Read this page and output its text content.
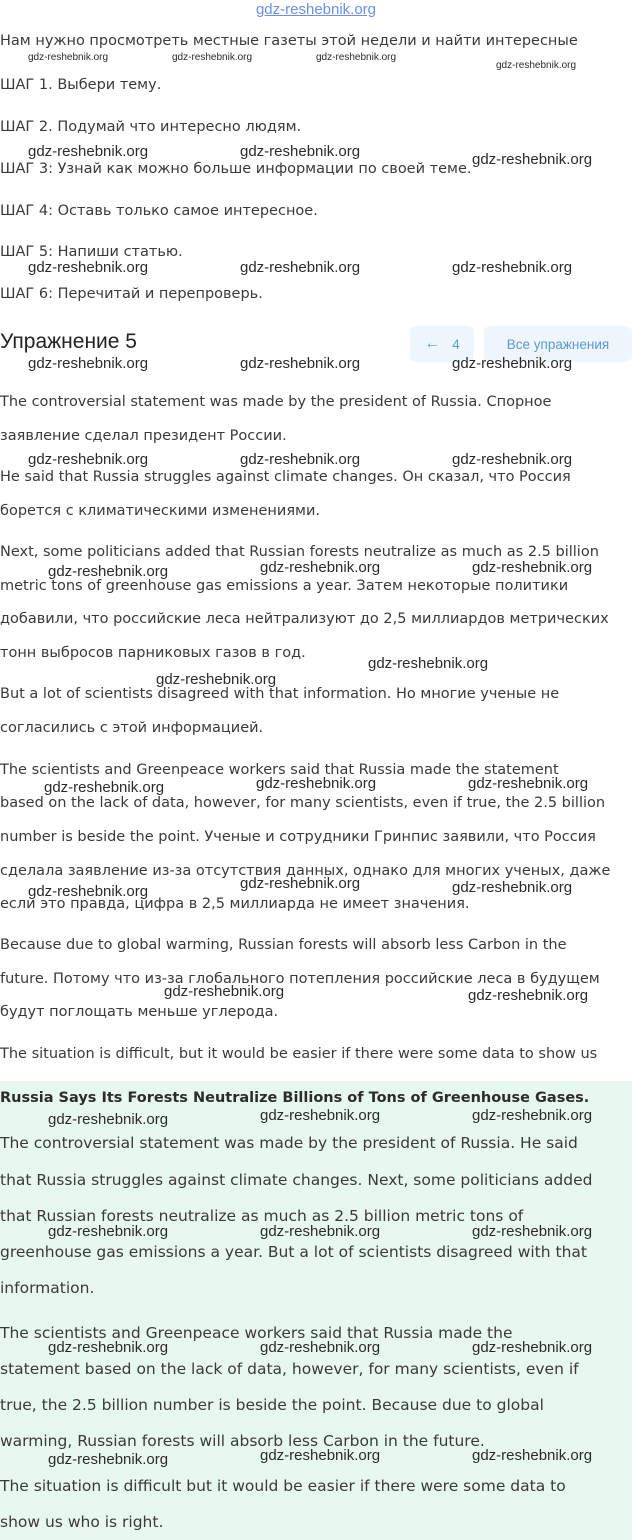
gdz-reshebnik.org
Нам нужно просмотреть местные газеты этой недели и найти интересные
ШАГ 1. Выбери тему.
ШАГ 2. Подумай что интересно людям.
ШАГ 3: Узнай как можно больше информации по своей теме.
ШАГ 4: Оставь только самое интересное.
ШАГ 5: Напиши статью.
ШАГ 6: Перечитай и перепроверь.
Упражнение 5	← 4	Все упражнения
The controversial statement was made by the president of Russia. Спорное
заявление сделал президент России.
He said that Russia struggles against climate changes. Он сказал, что Россия
борется с климатическими изменениями.
Next, some politicians added that Russian forests neutralize as much as 2.5 billion
metric tons of greenhouse gas emissions a year. Затем некоторые политики
добавили, что российские леса нейтрализуют до 2,5 миллиардов метрических
тонн выбросов парниковых газов в год.
But a lot of scientists disagreed with that information. Но многие ученые не
согласились с этой информацией.
The scientists and Greenpeace workers said that Russia made the statement
based on the lack of data, however, for many scientists, even if true, the 2.5 billion
number is beside the point. Ученые и сотрудники Гринпис заявили, что Россия
сделала заявление из-за отсутствия данных, однако для многих ученых, даже
если это правда, цифра в 2,5 миллиарда не имеет значения.
Because due to global warming, Russian forests will absorb less Carbon in the
future. Потому что из-за глобального потепления российские леса в будущем
будут поглощать меньше углерода.
The situation is difficult, but it would be easier if there were some data to show us
Russia Says Its Forests Neutralize Billions of Tons of Greenhouse Gases.
The controversial statement was made by the president of Russia. He said
that Russia struggles against climate changes. Next, some politicians added
that Russian forests neutralize as much as 2.5 billion metric tons of
greenhouse gas emissions a year. But a lot of scientists disagreed with that
information.
The scientists and Greenpeace workers said that Russia made the
statement based on the lack of data, however, for many scientists, even if
true, the 2.5 billion number is beside the point. Because due to global
warming, Russian forests will absorb less Carbon in the future.
The situation is difficult but it would be easier if there were some data to
show us who is right.
gdz-reshebnik.org	gdz-reshebnik.org	gdz-reshebnik.org
gdz-reshebnik.org
gdz-reshebnik.org	gdz-reshebnik.org	gdz-reshebnik.org
gdz-reshebnik.org	gdz-reshebnik.org	gdz-reshebnik.org
gdz-reshebnik.org	gdz-reshebnik.org	gdz-reshebnik.org
gdz-reshebnik.org	gdz-reshebnik.org	gdz-reshebnik.org
gdz-reshebnik.org	gdz-reshebnik.org	gdz-reshebnik.org
gdz-reshebnik.org
gdz-reshebnik.org
gdz-reshebnik.org	gdz-reshebnik.org	gdz-reshebnik.org
gdz-reshebnik.org	gdz-reshebnik.org	gdz-reshebnik.org
gdz-reshebnik.org	gdz-reshebnik.org
gdz-reshebnik.org	gdz-reshebnik.org	gdz-reshebnik.org
gdz-reshebnik.org	gdz-reshebnik.org	gdz-reshebnik.org
gdz-reshebnik.org	gdz-reshebnik.org	gdz-reshebnik.org
gdz-reshebnik.org	gdz-reshebnik.org	gdz-reshebnik.org
